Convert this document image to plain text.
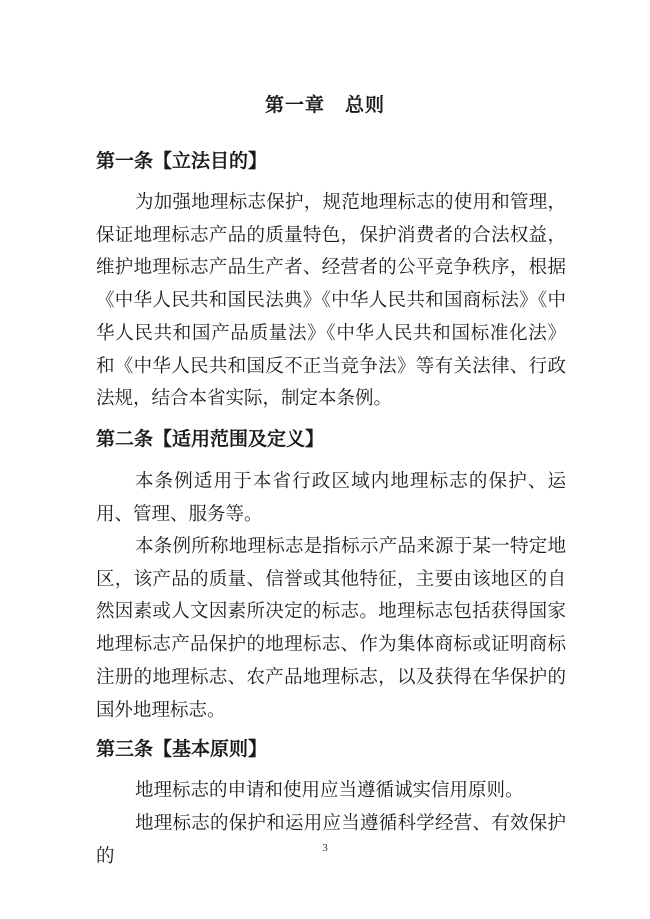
第一章　总则
第一条【立法目的】

为加强地理标志保护，规范地理标志的使用和管理，保证地理标志产品的质量特色，保护消费者的合法权益，维护地理标志产品生产者、经营者的公平竞争秩序，根据《中华人民共和国民法典》《中华人民共和国商标法》《中华人民共和国产品质量法》《中华人民共和国标准化法》和《中华人民共和国反不正当竞争法》等有关法律、行政法规，结合本省实际，制定本条例。

第二条【适用范围及定义】

本条例适用于本省行政区域内地理标志的保护、运用、管理、服务等。

本条例所称地理标志是指标示产品来源于某一特定地区，该产品的质量、信誉或其他特征，主要由该地区的自然因素或人文因素所决定的标志。地理标志包括获得国家地理标志产品保护的地理标志、作为集体商标或证明商标注册的地理标志、农产品地理标志，以及获得在华保护的国外地理标志。

第三条【基本原则】

地理标志的申请和使用应当遵循诚实信用原则。

地理标志的保护和运用应当遵循科学经营、有效保护的	3
